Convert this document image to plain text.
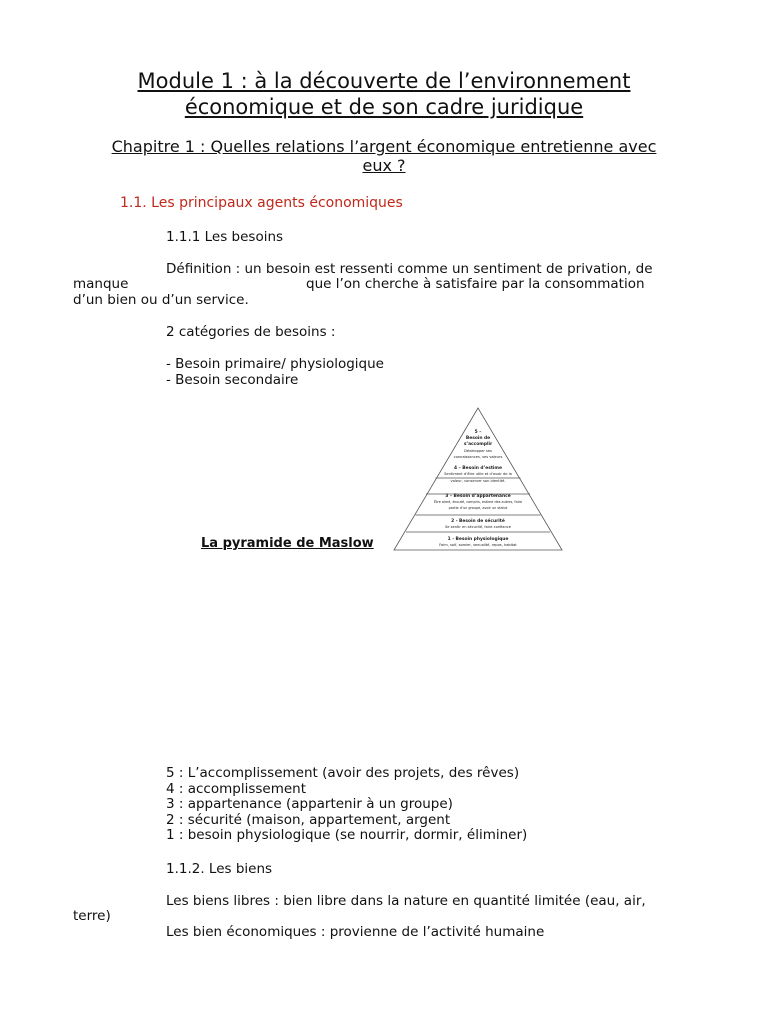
Module 1 : à la découverte de l’environnement
économique et de son cadre juridique
Chapitre 1 : Quelles relations l’argent économique entretienne avec
eux ?
1.1. Les principaux agents économiques
1.1.1 Les besoins
Définition : un besoin est ressenti comme un sentiment de privation, de
manque	que l’on cherche à satisfaire par la consommation
d’un bien ou d’un service.
2 catégories de besoins :
- Besoin primaire/ physiologique
- Besoin secondaire
La pyramide de Maslow
5 –
Besoin de
s’accomplir
Développer ses
connaissances, ses valeurs
4 – Besoin d’estime
Sentiment d’être utile et d’avoir de la
valeur, conserver son identité.
3 – Besoin d’appartenance
Être aimé, écouté, compris, estime des autres, faire
partie d’un groupe, avoir un statut
2 - Besoin de sécurité
Se sentir en sécurité, faire confiance
1 - Besoin physiologique
Faim, soif, somier, sexualité, repos, habitat
5 : L’accomplissement (avoir des projets, des rêves)
4 : accomplissement
3 : appartenance (appartenir à un groupe)
2 : sécurité (maison, appartement, argent
1 : besoin physiologique (se nourrir, dormir, éliminer)
1.1.2. Les biens
Les biens libres : bien libre dans la nature en quantité limitée (eau, air,
terre)
Les bien économiques : provienne de l’activité humaine
